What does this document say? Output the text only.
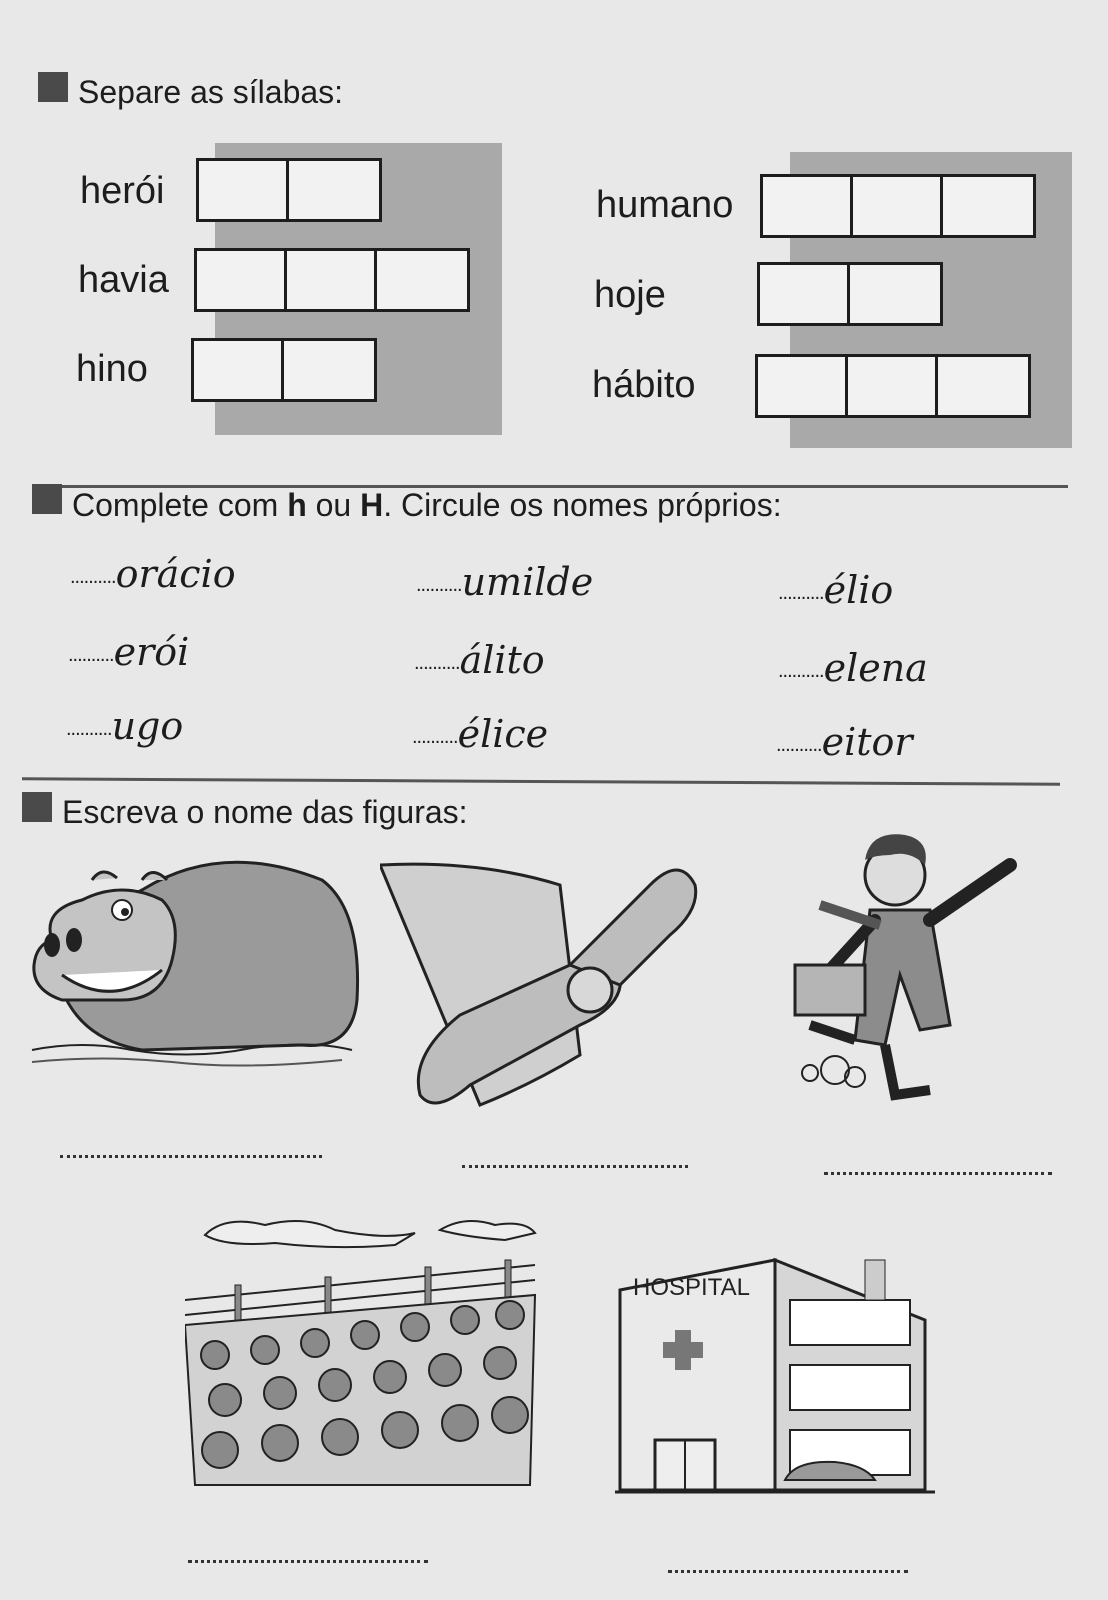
Separe as sílabas:
herói
havia
hino
humano
hoje
hábito
Complete com h ou H. Circule os nomes próprios:
..........orácio	..........umilde	..........élio
..........erói	..........álito	..........elena
..........ugo	..........élice	..........eitor
Escreva o nome das figuras:
HOSPITAL
